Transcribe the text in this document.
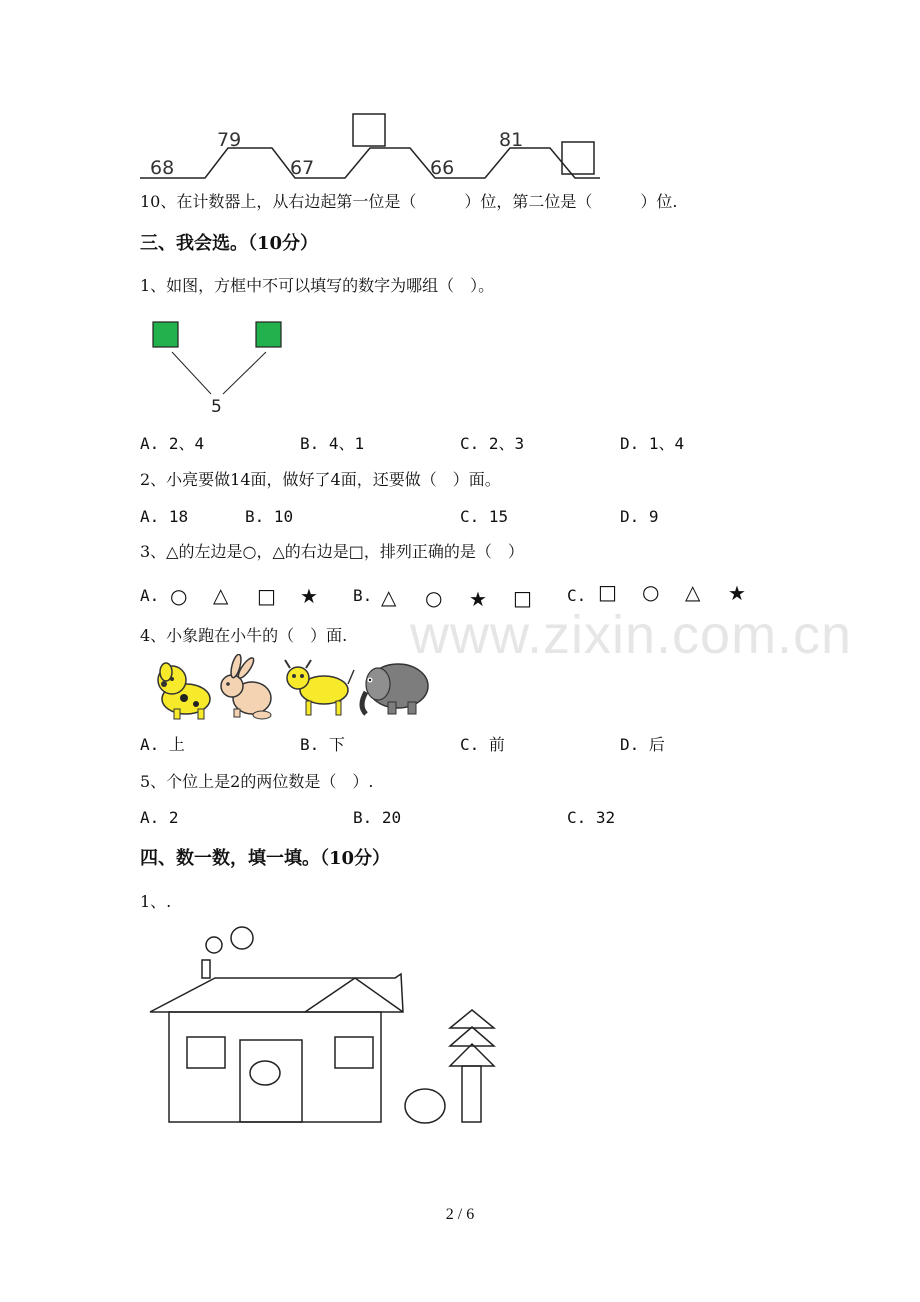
www.zixin.com.cn
68
79
67	66
81
10、在计数器上，从右边起第一位是（　　　）位，第二位是（　　　）位.
三、我会选。（10分）
1、如图，方框中不可以填写的数字为哪组（　）。
5
A. 2、4	B. 4、1	C. 2、3	D. 1、4
2、小亮要做14面，做好了4面，还要做（　）面。
A. 18	B. 10	C. 15	D. 9
3、△的左边是○，△的右边是□，排列正确的是（　）
A. ○ △ □ ★ B. △ ○ ★ □ C. □ ○ △ ★
4、小象跑在小牛的（　）面.
A. 上	B. 下	C. 前	D. 后
5、个位上是2的两位数是（　）.
A. 2	B. 20	C. 32
四、数一数，填一填。（10分）
1、.
2 / 6
